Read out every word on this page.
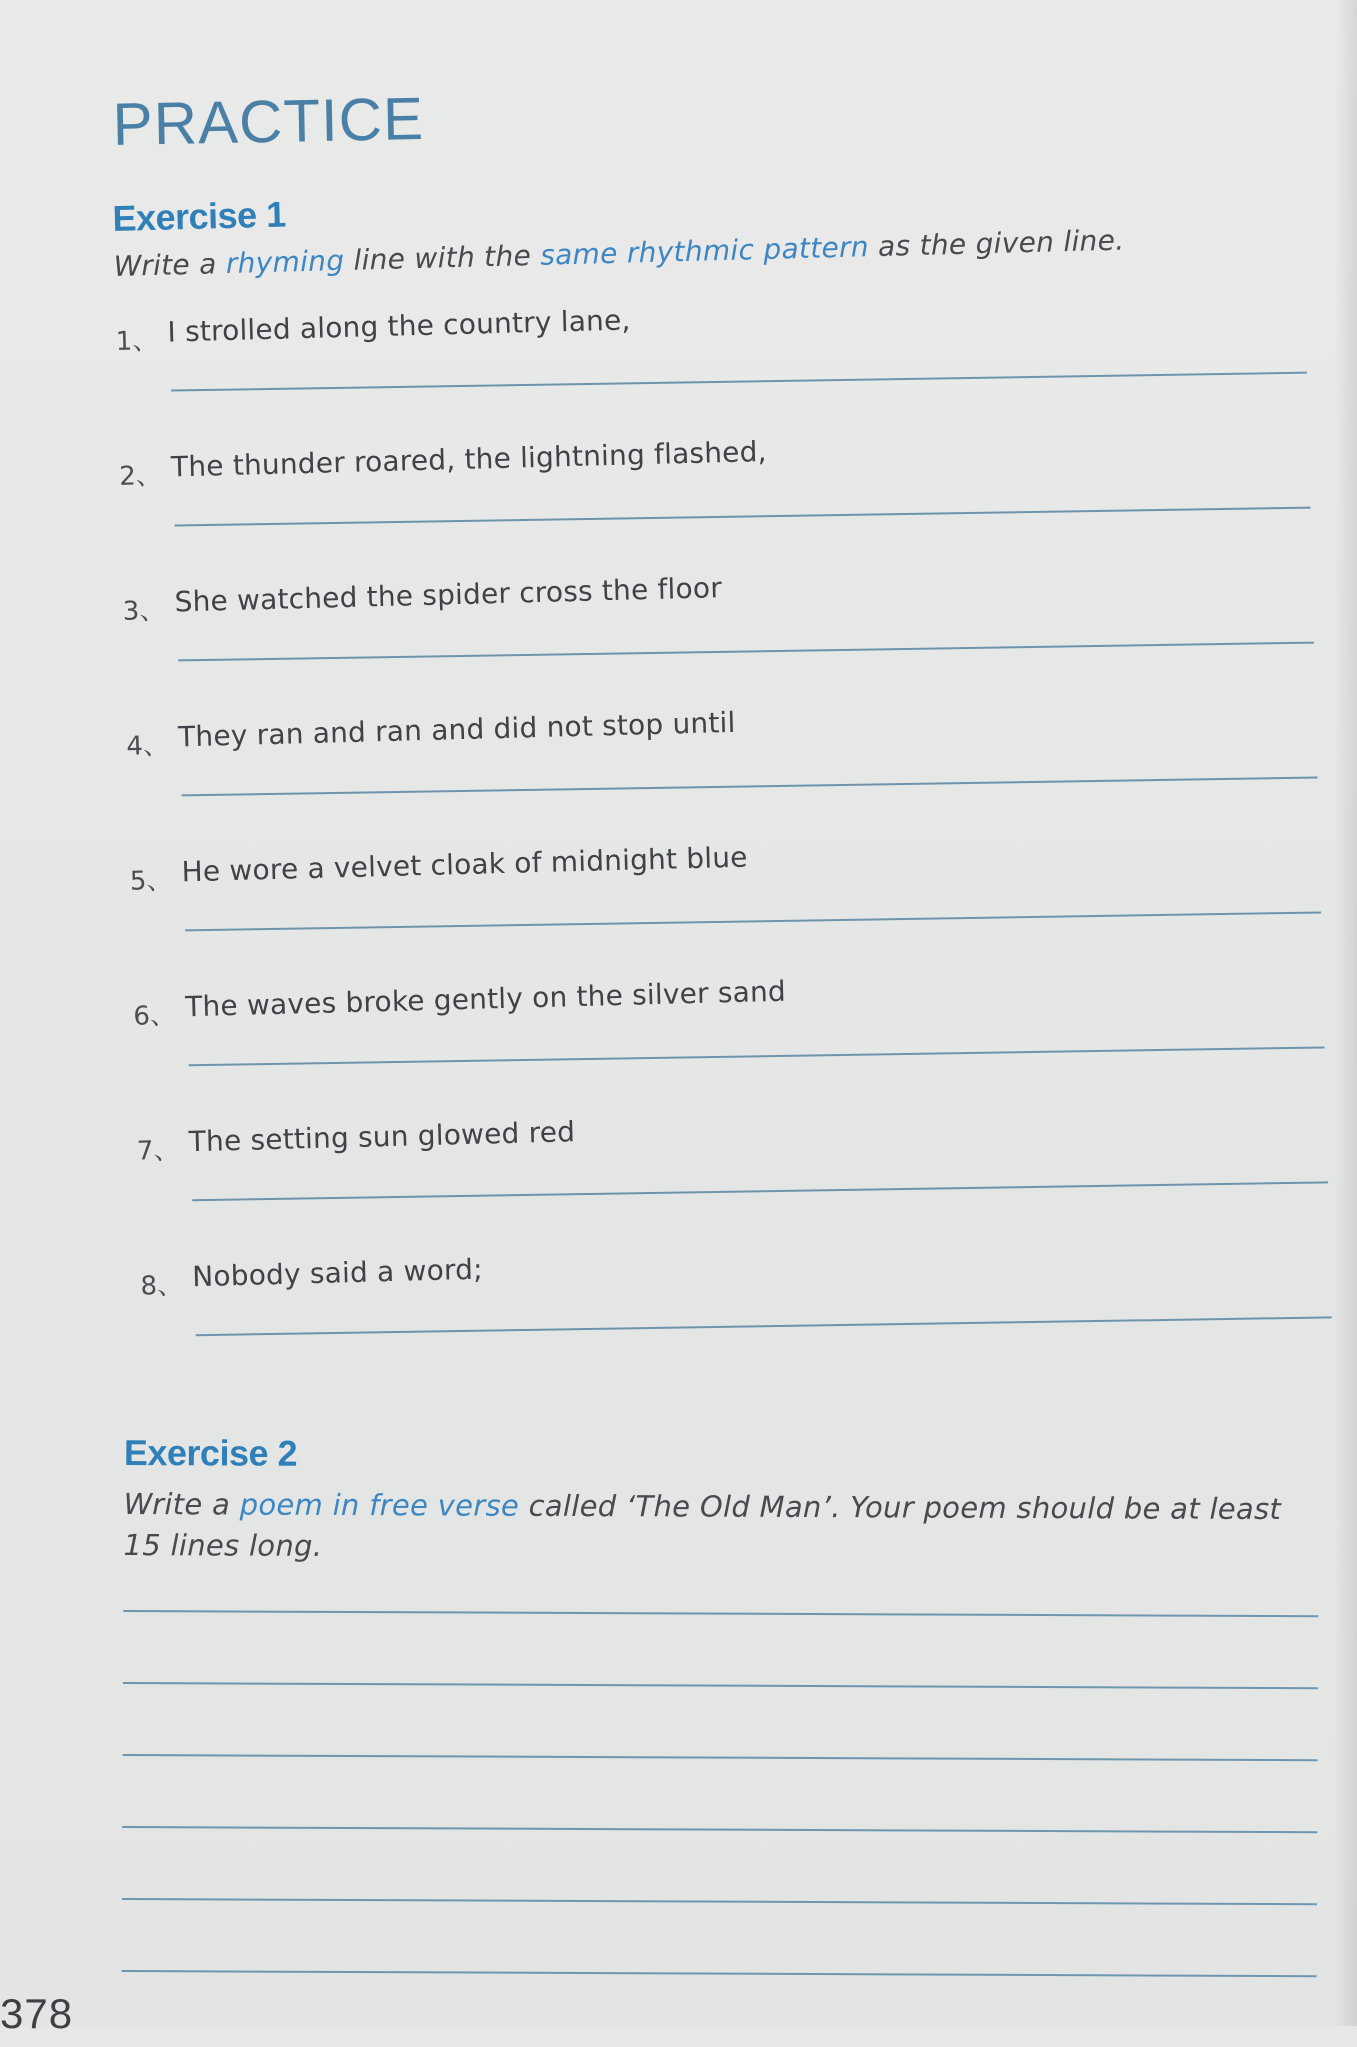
PRACTICE
Exercise 1

Write a rhyming line with the same rhythmic pattern as the given line.

1、 I strolled along the country lane,
2、 The thunder roared, the lightning flashed,
3、 She watched the spider cross the floor
4、 They ran and ran and did not stop until
5、 He wore a velvet cloak of midnight blue
6、 The waves broke gently on the silver sand
7、 The setting sun glowed red
8、 Nobody said a word;
Exercise 2

Write a poem in free verse called ‘The Old Man’. Your poem should be at least 15 lines long.

378
